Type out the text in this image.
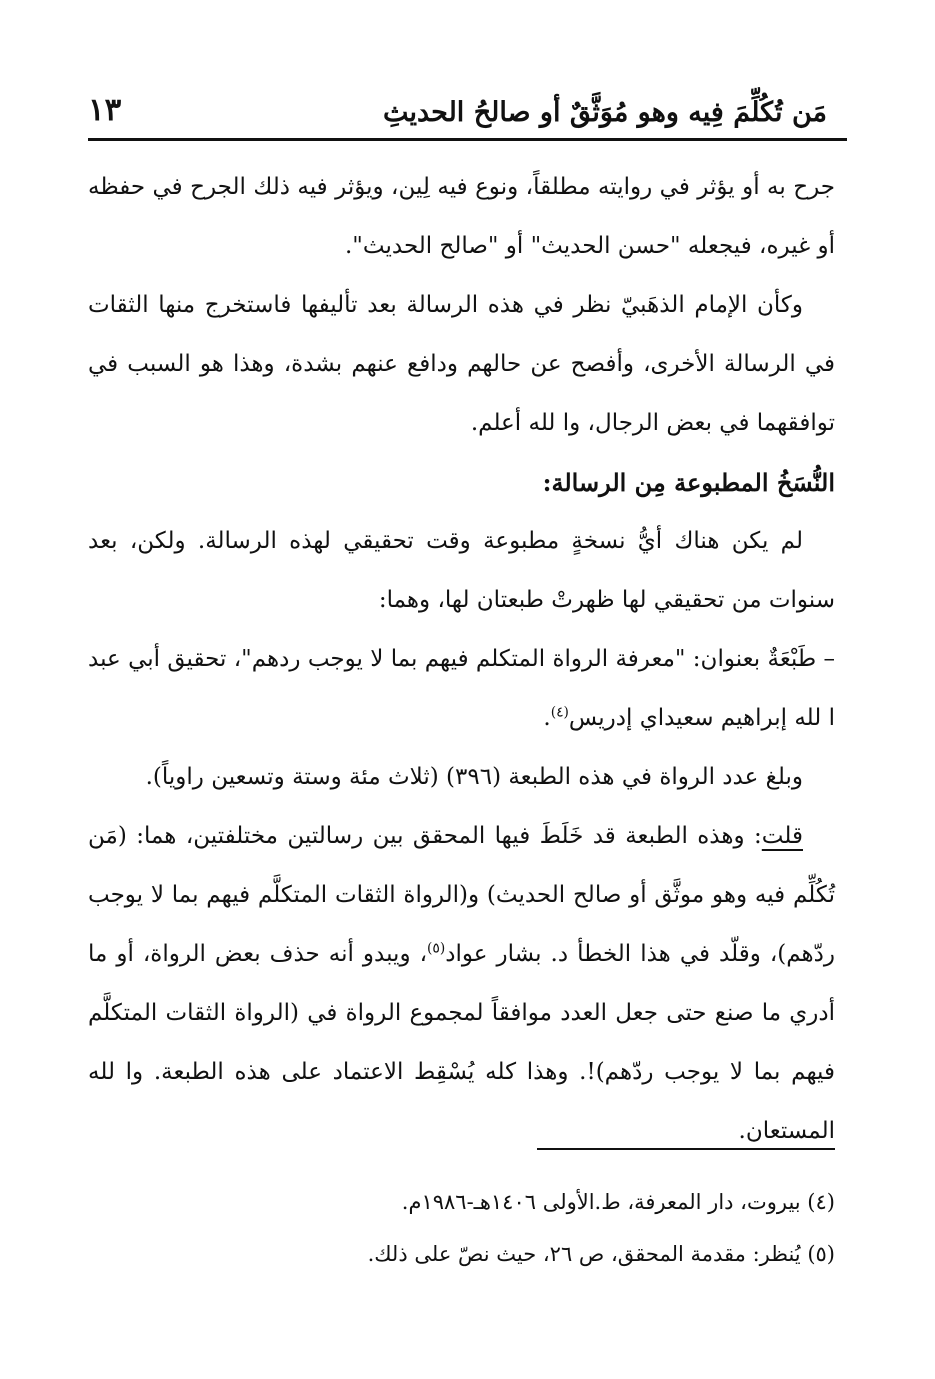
مَن تُكُلِّمَ فِيه وهو مُوَثَّقٌ أو صالحُ الحديثِ
١٣

جرح به أو يؤثر في روايته مطلقاً، ونوع فيه لِين، ويؤثر فيه ذلك الجرح في حفظه أو غيره، فيجعله "حسن الحديث" أو "صالح الحديث".

وكأن الإمام الذهَبيّ نظر في هذه الرسالة بعد تأليفها فاستخرج منها الثقات في الرسالة الأخرى، وأفصح عن حالهم ودافع عنهم بشدة، وهذا هو السبب في توافقهما في بعض الرجال، وا لله أعلم.

النُّسَخُ المطبوعة مِن الرسالة:

لم يكن هناك أيُّ نسخةٍ مطبوعة وقت تحقيقي لهذه الرسالة. ولكن، بعد سنوات من تحقيقي لها ظهرتْ طبعتان لها، وهما:

– طَبْعَةٌ بعنوان: "معرفة الرواة المتكلم فيهم بما لا يوجب ردهم"، تحقيق أبي عبد ا لله إبراهيم سعيداي إدريس$^{(٤)}$.

وبلغ عدد الرواة في هذه الطبعة (٣٩٦) (ثلاث مئة وستة وتسعين راوياً).

قلت: وهذه الطبعة قد خَلَطَ فيها المحقق بين رسالتين مختلفتين، هما: (مَن تُكُلِّم فيه وهو موثَّق أو صالح الحديث) و(الرواة الثقات المتكلَّم فيهم بما لا يوجب ردّهم)، وقلّد في هذا الخطأ د. بشار عواد$^{(٥)}$، ويبدو أنه حذف بعض الرواة، أو ما أدري ما صنع حتى جعل العدد موافقاً لمجموع الرواة في (الرواة الثقات المتكلَّم فيهم بما لا يوجب ردّهم)!. وهذا كله يُسْقِط الاعتماد على هذه الطبعة. وا لله المستعان.

(٤) بيروت، دار المعرفة، ط.الأولى ١٤٠٦هـ-١٩٨٦م.

(٥) يُنظر: مقدمة المحقق، ص ٢٦، حيث نصّ على ذلك.
